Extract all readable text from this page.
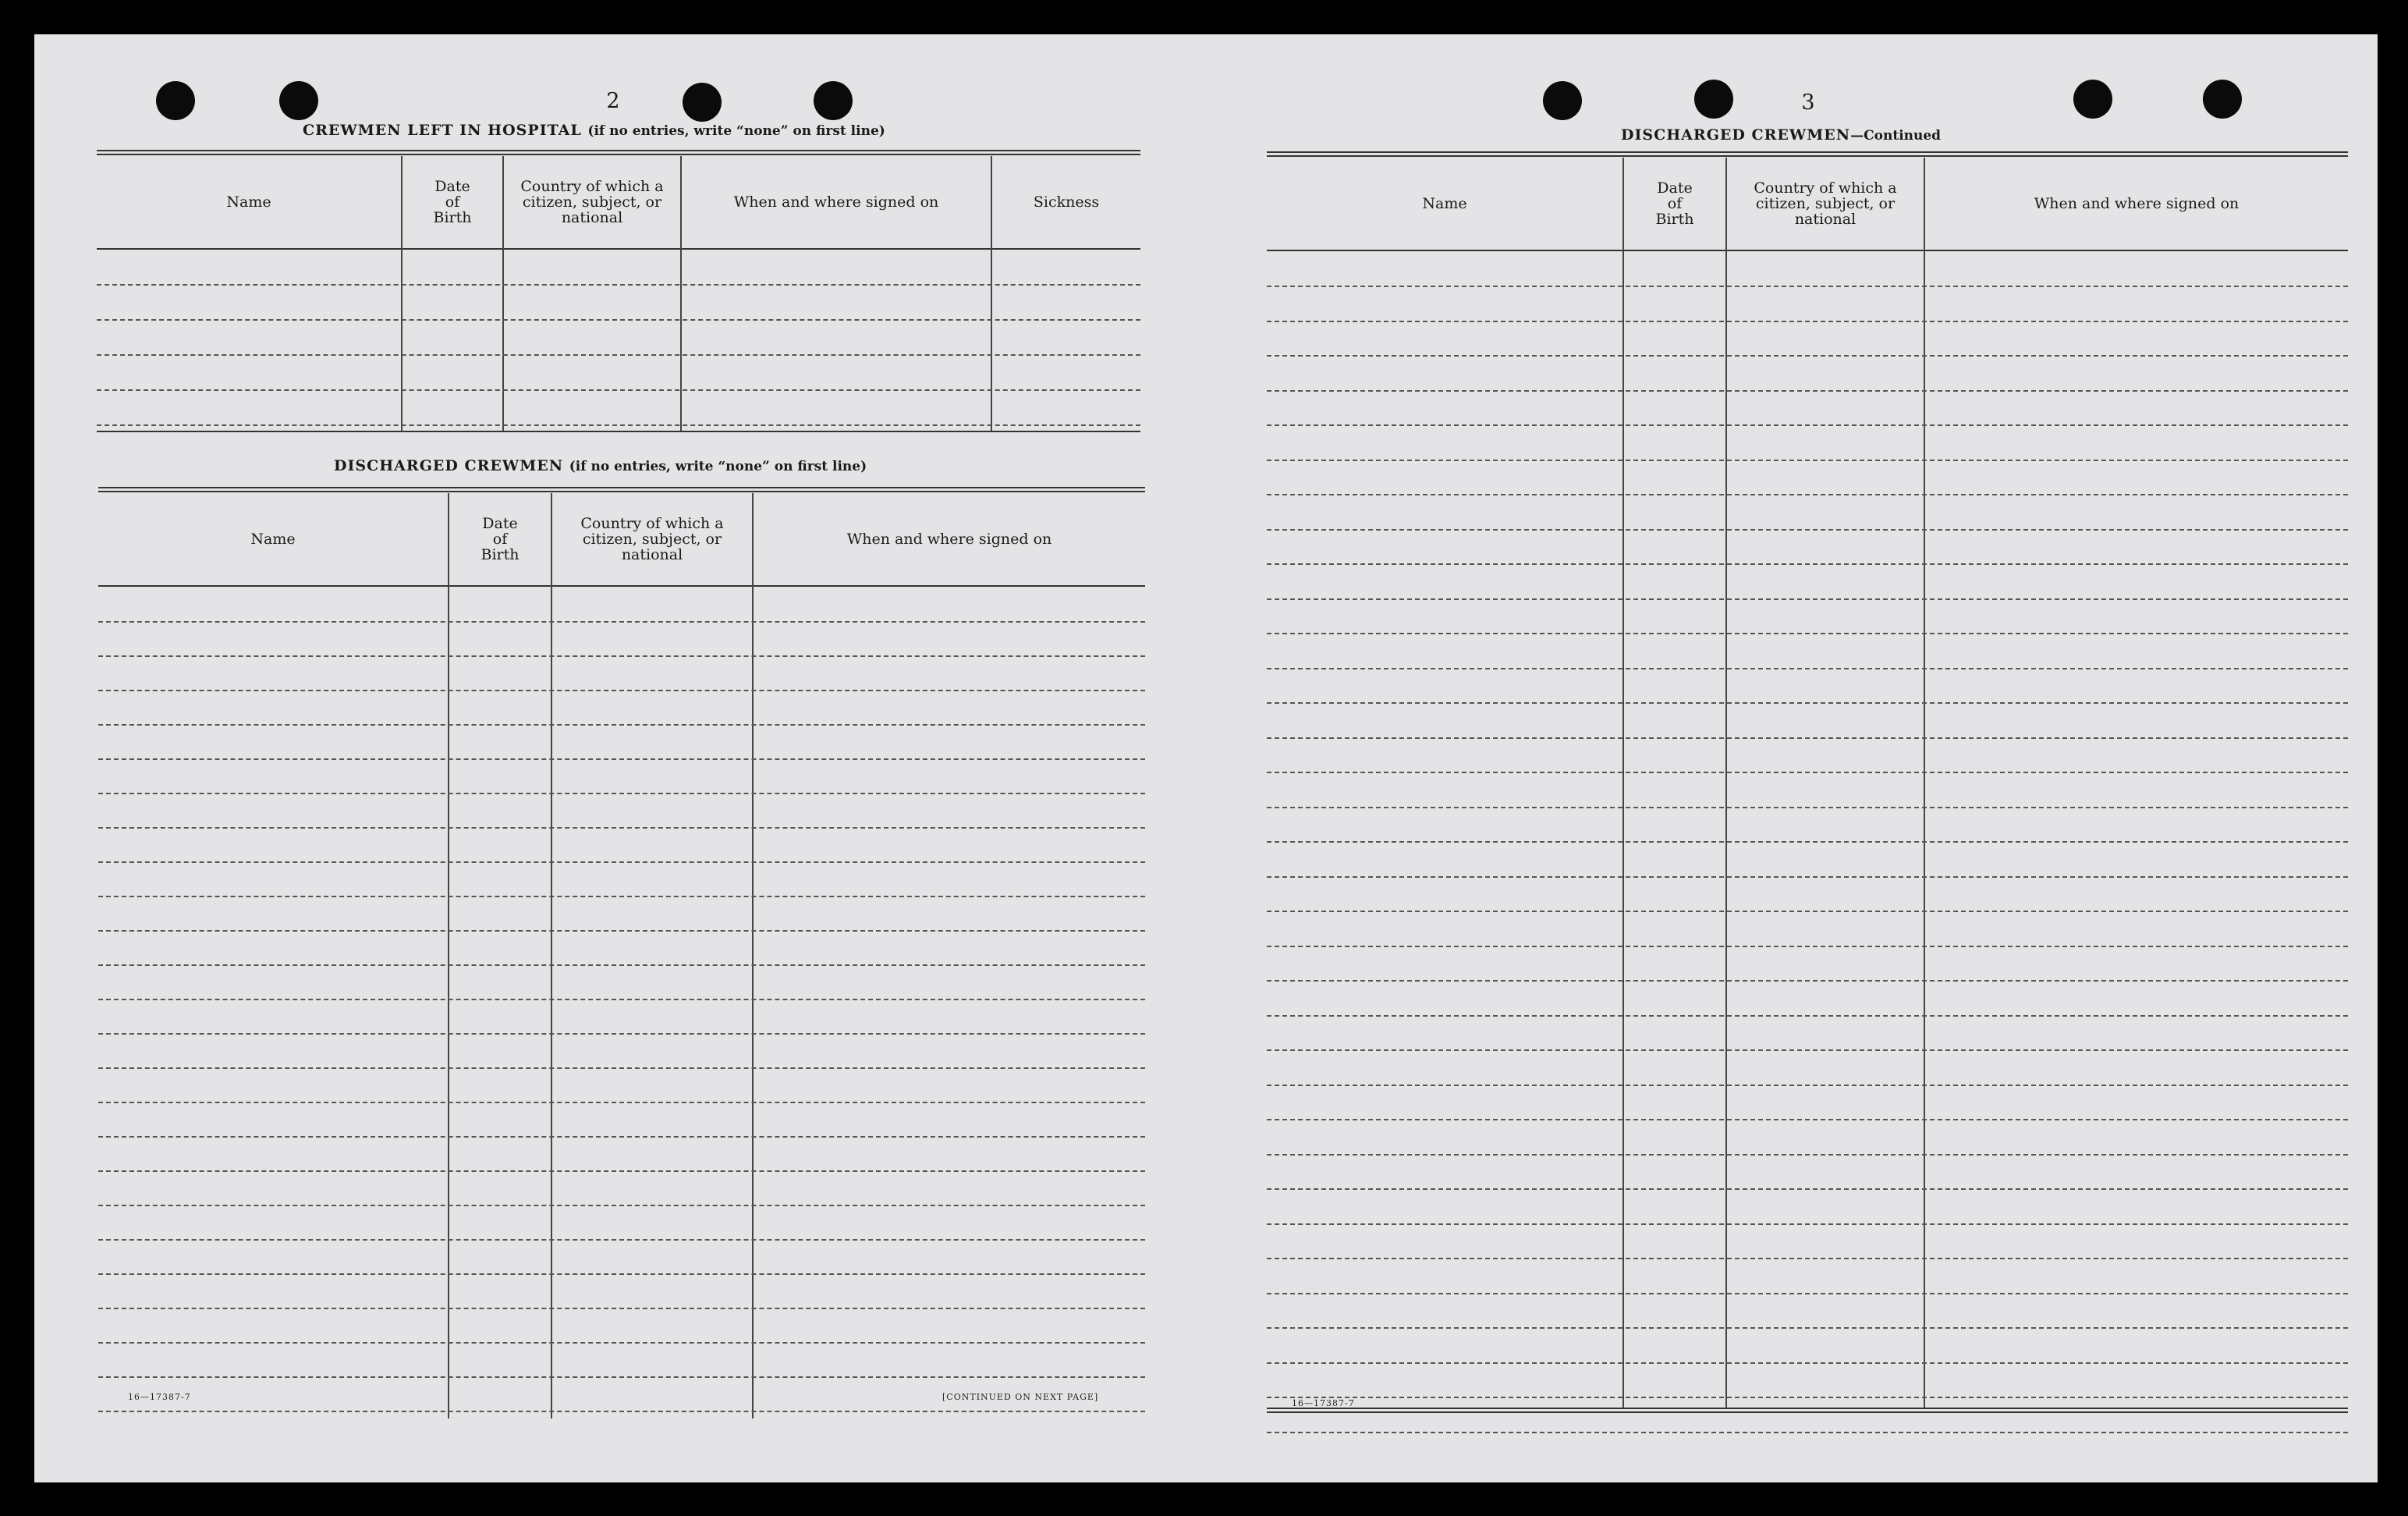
2
CREWMEN LEFT IN HOSPITAL (if no entries, write “none” on first line)
Name
Date of Birth
Country of which a citizen, subject, or national
When and where signed on	Sickness
DISCHARGED CREWMEN (if no entries, write “none” on first line)
Name
Date of Birth
Country of which a citizen, subject, or national
When and where signed on
16—17387-7	[CONTINUED ON NEXT PAGE]
3
DISCHARGED CREWMEN—Continued
Name
Date of Birth
Country of which a citizen, subject, or national
When and where signed on
16—17387-7
